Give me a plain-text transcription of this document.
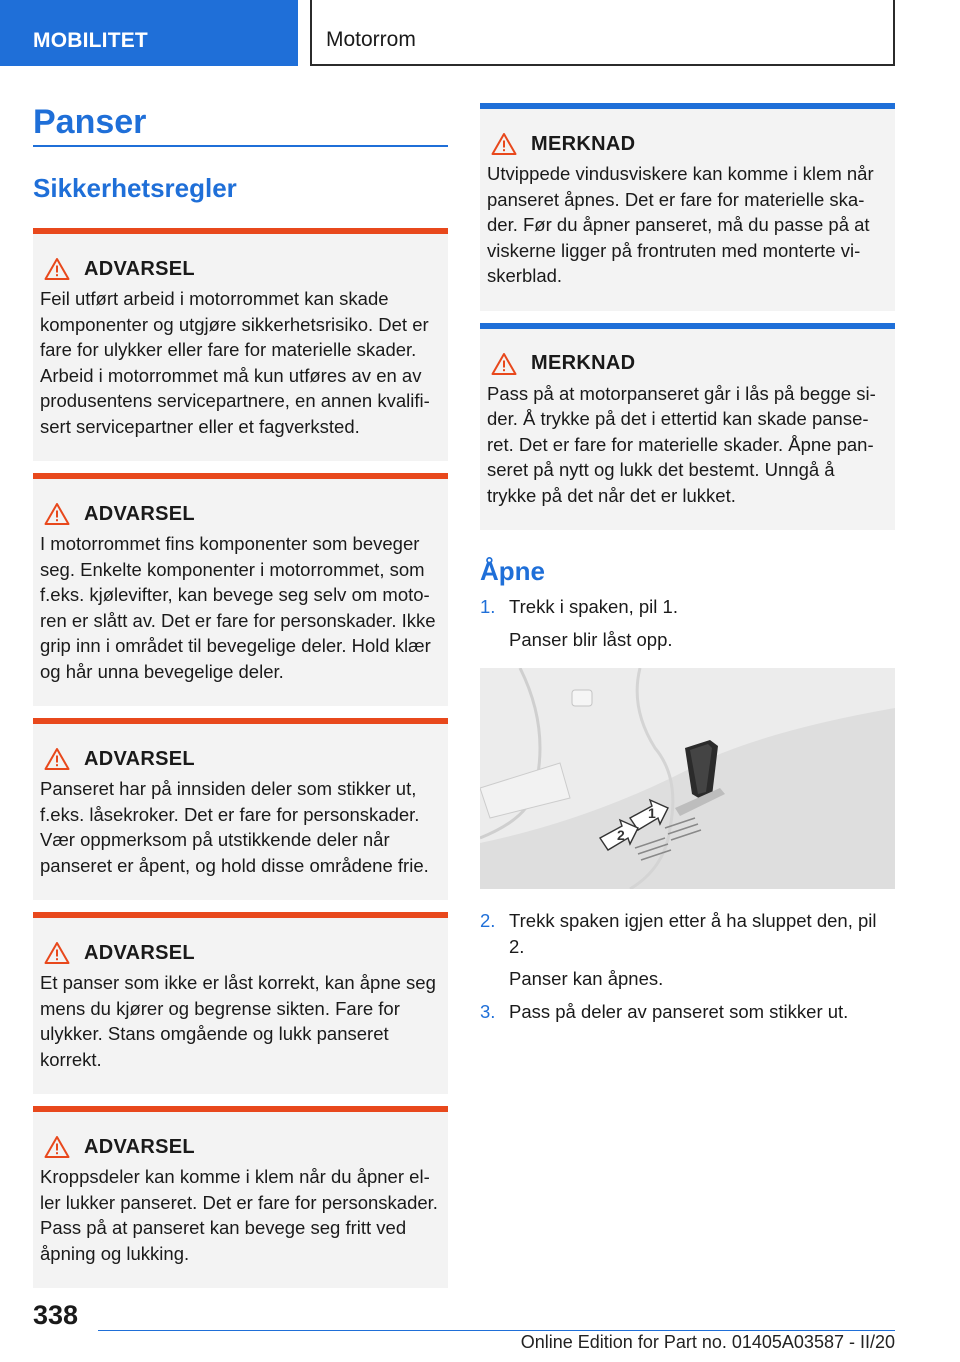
MOBILITET	Motorrom
Panser
Sikkerhetsregler
ADVARSEL
Feil utført arbeid i motorrommet kan skade komponenter og utgjøre sikkerhetsrisiko. Det er fare for ulykker eller fare for materielle skader. Arbeid i motorrommet må kun utføres av en av produsentens servicepartnere, en annen kvalifisert servicepartner eller et fagverksted.
ADVARSEL
I motorrommet fins komponenter som beveger seg. Enkelte komponenter i motorrommet, som f.eks. kjølevifter, kan bevege seg selv om motoren er slått av. Det er fare for personskader. Ikke grip inn i området til bevegelige deler. Hold klær og hår unna bevegelige deler.
ADVARSEL
Panseret har på innsiden deler som stikker ut, f.eks. låsekroker. Det er fare for personskader. Vær oppmerksom på utstikkende deler når panseret er åpent, og hold disse områdene frie.
ADVARSEL
Et panser som ikke er låst korrekt, kan åpne seg mens du kjører og begrense sikten. Fare for ulykker. Stans omgående og lukk panseret korrekt.
ADVARSEL
Kroppsdeler kan komme i klem når du åpner eller lukker panseret. Det er fare for personskader. Pass på at panseret kan bevege seg fritt ved åpning og lukking.
MERKNAD
Utvippede vindusviskere kan komme i klem når panseret åpnes. Det er fare for materielle skader. Før du åpner panseret, må du passe på at viskerne ligger på frontruten med monterte viskerblad.
MERKNAD
Pass på at motorpanseret går i lås på begge sider. Å trykke på det i ettertid kan skade panseret. Det er fare for materielle skader. Åpne panseret på nytt og lukk det bestemt. Unngå å trykke på det når det er lukket.
Åpne
1. Trekk i spaken, pil 1.
Panser blir låst opp.
1
2
2. Trekk spaken igjen etter å ha sluppet den, pil 2.
Panser kan åpnes.
3. Pass på deler av panseret som stikker ut.
338
Online Edition for Part no. 01405A03587 - II/20
